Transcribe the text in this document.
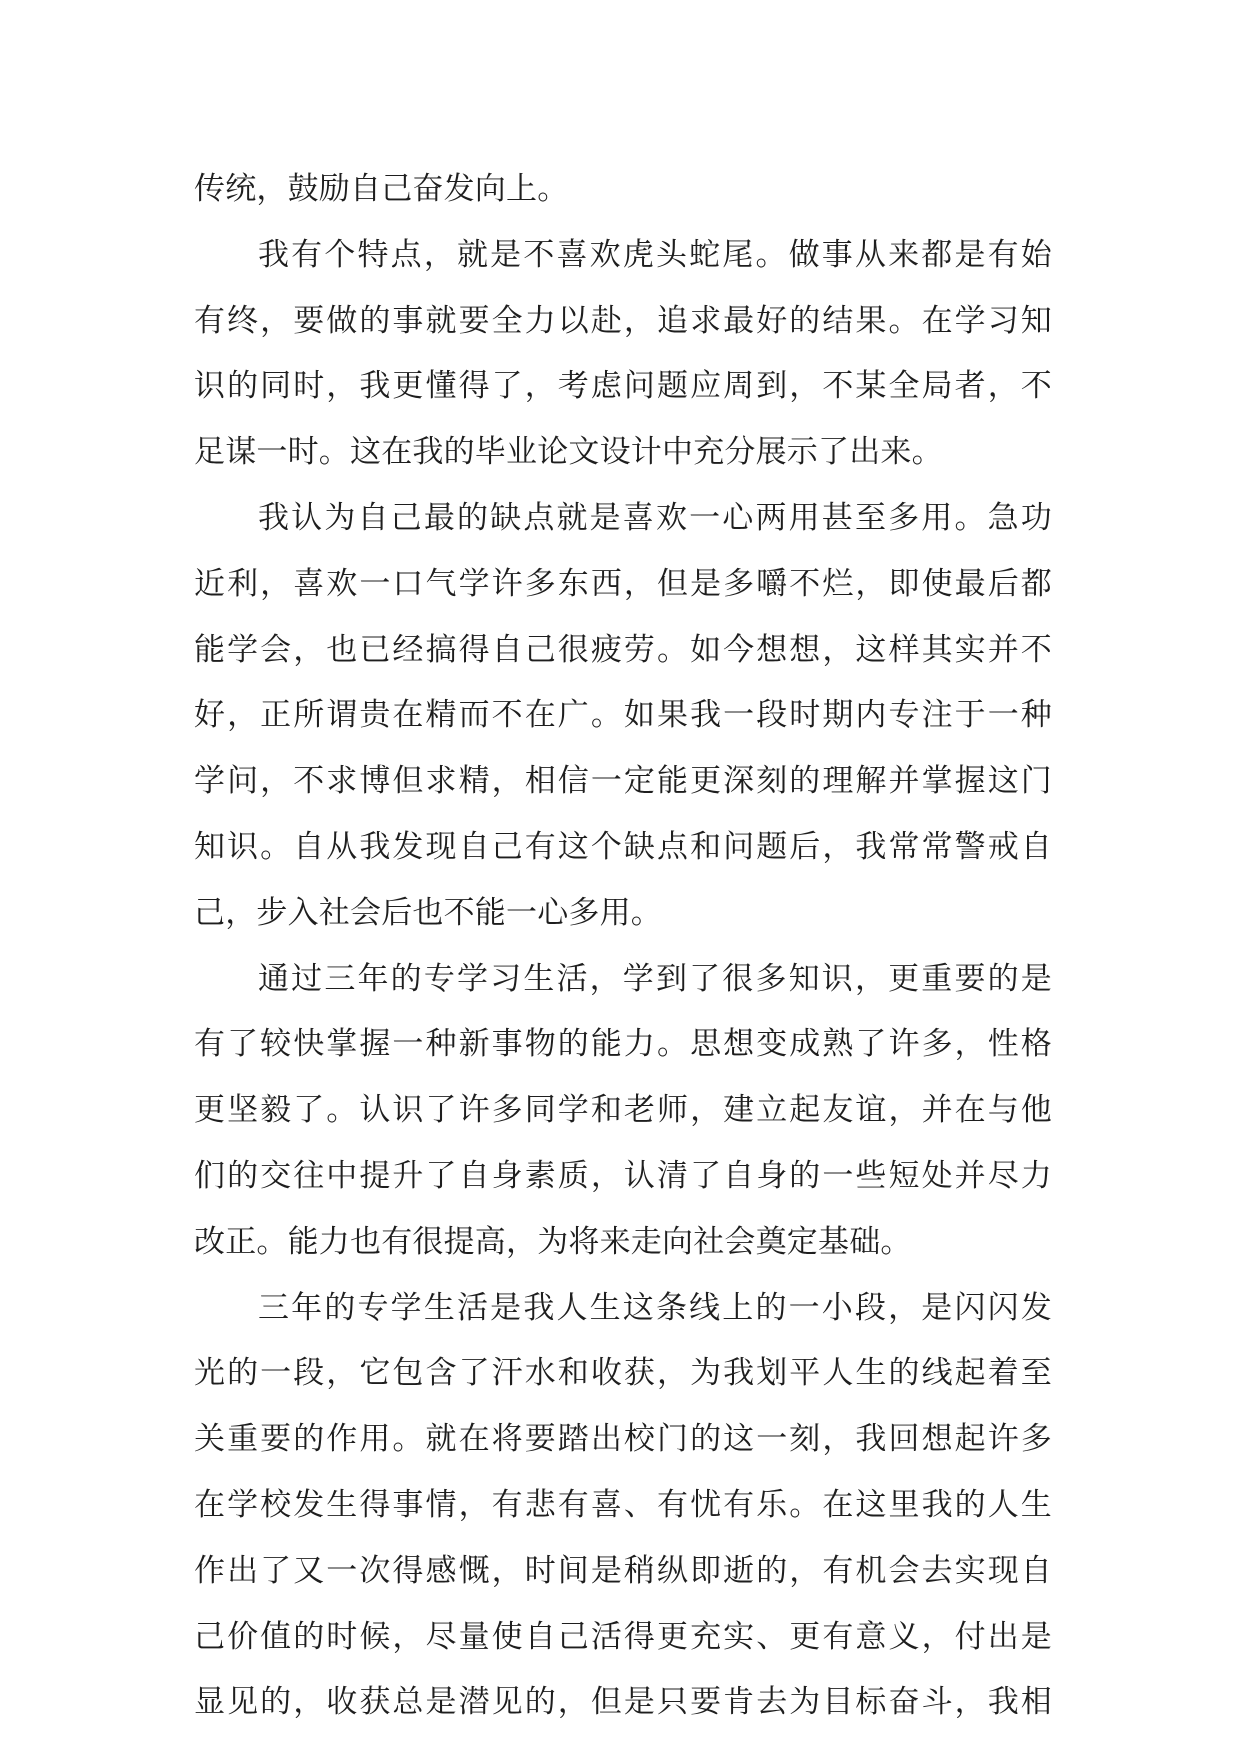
传统，鼓励自己奋发向上。
我有个特点，就是不喜欢虎头蛇尾。做事从来都是有始
有终，要做的事就要全力以赴，追求最好的结果。在学习知
识的同时，我更懂得了，考虑问题应周到，不某全局者，不
足谋一时。这在我的毕业论文设计中充分展示了出来。
我认为自己最的缺点就是喜欢一心两用甚至多用。急功
近利，喜欢一口气学许多东西，但是多嚼不烂，即使最后都
能学会，也已经搞得自己很疲劳。如今想想，这样其实并不
好，正所谓贵在精而不在广。如果我一段时期内专注于一种
学问，不求博但求精，相信一定能更深刻的理解并掌握这门
知识。自从我发现自己有这个缺点和问题后，我常常警戒自
己，步入社会后也不能一心多用。
通过三年的专学习生活，学到了很多知识，更重要的是
有了较快掌握一种新事物的能力。思想变成熟了许多，性格
更坚毅了。认识了许多同学和老师，建立起友谊，并在与他
们的交往中提升了自身素质，认清了自身的一些短处并尽力
改正。能力也有很提高，为将来走向社会奠定基础。
三年的专学生活是我人生这条线上的一小段，是闪闪发
光的一段，它包含了汗水和收获，为我划平人生的线起着至
关重要的作用。就在将要踏出校门的这一刻，我回想起许多
在学校发生得事情，有悲有喜、有忧有乐。在这里我的人生
作出了又一次得感慨，时间是稍纵即逝的，有机会去实现自
己价值的时候，尽量使自己活得更充实、更有意义，付出是
显见的，收获总是潜见的，但是只要肯去为目标奋斗，我相
